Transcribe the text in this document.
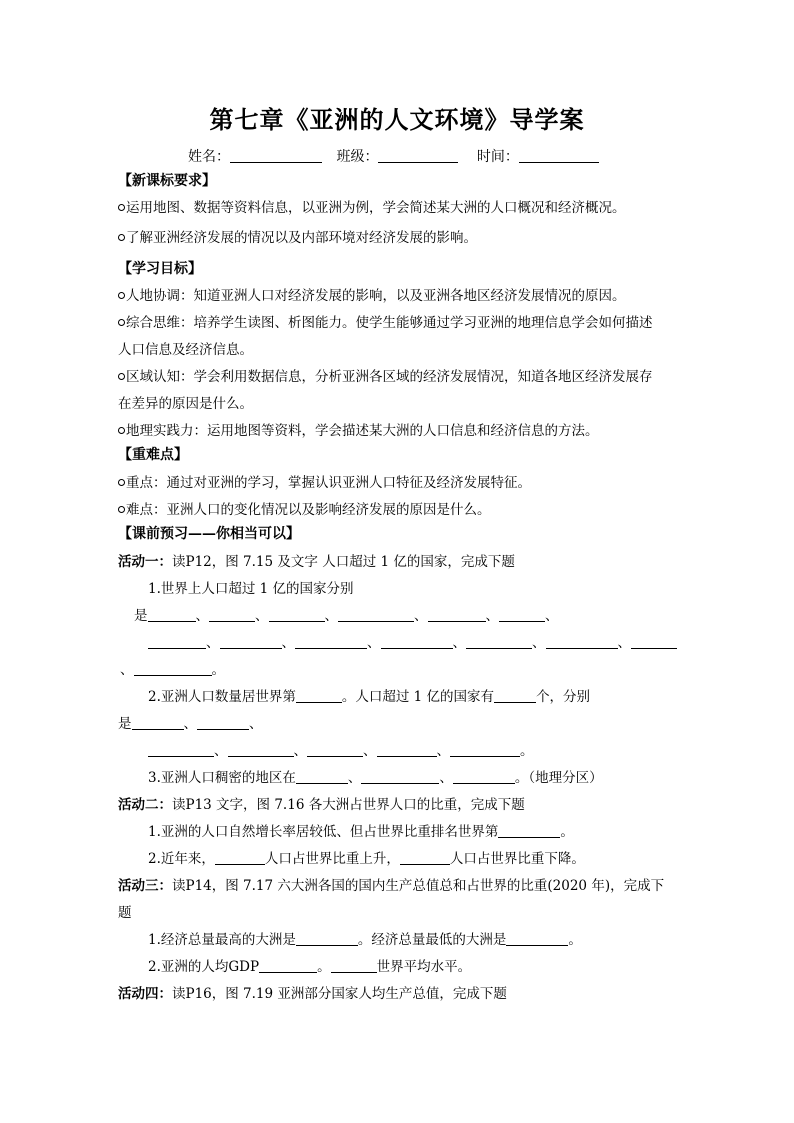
第七章《亚洲的人文环境》导学案
姓名：	班级：	时间：
【新课标要求】
运用地图、数据等资料信息，以亚洲为例，学会简述某大洲的人口概况和经济概况。
了解亚洲经济发展的情况以及内部环境对经济发展的影响。
【学习目标】
人地协调：知道亚洲人口对经济发展的影响，以及亚洲各地区经济发展情况的原因。
综合思维：培养学生读图、析图能力。使学生能够通过学习亚洲的地理信息学会如何描述
人口信息及经济信息。
区域认知：学会利用数据信息，分析亚洲各区域的经济发展情况，知道各地区经济发展存
在差异的原因是什么。
地理实践力：运用地图等资料，学会描述某大洲的人口信息和经济信息的方法。
【重难点】
重点：通过对亚洲的学习，掌握认识亚洲人口特征及经济发展特征。
难点：亚洲人口的变化情况以及影响经济发展的原因是什么。
【课前预习——你相当可以】
活动一：读P12，图 7.15 及文字 人口超过 1 亿的国家，完成下题
1.世界上人口超过 1 亿的国家分别
是	、	、	、	、	、	、
、	、	、	、	、	、
、	。
2.亚洲人口数量居世界第	。人口超过 1 亿的国家有	个，分别
是	、	、
、	、	、	、	。
3.亚洲人口稠密的地区在	、	、	。（地理分区）
活动二：读P13 文字，图 7.16 各大洲占世界人口的比重，完成下题
1.亚洲的人口自然增长率居较低、但占世界比重排名世界第	。
2.近年来，	人口占世界比重上升，	人口占世界比重下降。
活动三：读P14，图 7.17 六大洲各国的国内生产总值总和占世界的比重(2020 年)，完成下
题
1.经济总量最高的大洲是	。经济总量最低的大洲是	。
2.亚洲的人均GDP	。	世界平均水平。
活动四：读P16，图 7.19 亚洲部分国家人均生产总值，完成下题
